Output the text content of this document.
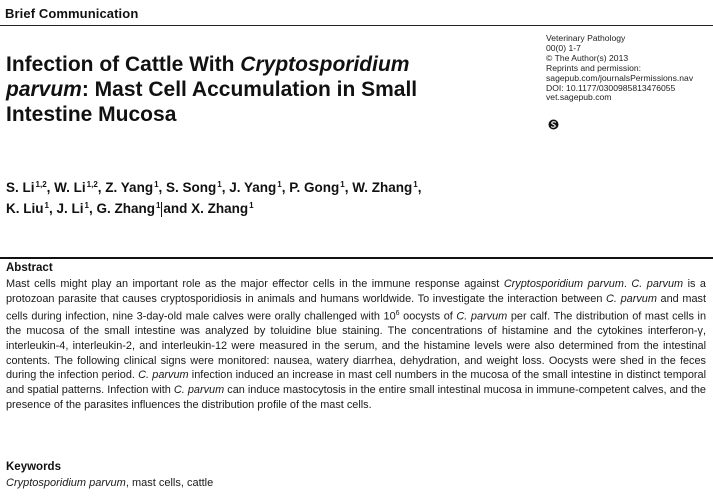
Brief Communication
Infection of Cattle With Cryptosporidium
parvum: Mast Cell Accumulation in Small
Intestine Mucosa
Veterinary Pathology
00(0) 1-7
© The Author(s) 2013
Reprints and permission:
sagepub.com/journalsPermissions.nav
DOI: 10.1177/0300985813476055
vet.sagepub.com
S. Li$^{1,2}$, W. Li$^{1,2}$, Z. Yang$^1$, S. Song$^1$, J. Yang$^1$, P. Gong$^1$, W. Zhang$^1$,
K. Liu$^1$, J. Li$^1$, G. Zhang$^1$ and X. Zhang$^1$
Abstract
Mast cells might play an important role as the major effector cells in the immune response against Cryptosporidium parvum. C. parvum is a protozoan parasite that causes cryptosporidiosis in animals and humans worldwide. To investigate the interaction between C. parvum and mast cells during infection, nine 3-day-old male calves were orally challenged with $10^6$ oocysts of C. parvum per calf. The distribution of mast cells in the mucosa of the small intestine was analyzed by toluidine blue staining. The concentrations of histamine and the cytokines interferon-γ, interleukin-4, interleukin-2, and interleukin-12 were measured in the serum, and the histamine levels were also determined from the intestinal contents. The following clinical signs were monitored: nausea, watery diarrhea, dehydration, and weight loss. Oocysts were shed in the feces during the infection period. C. parvum infection induced an increase in mast cell numbers in the mucosa of the small intestine in distinct temporal and spatial patterns. Infection with C. parvum can induce mastocytosis in the entire small intestinal mucosa in immune-competent calves, and the presence of the parasites influences the distribution profile of the mast cells.
Keywords
Cryptosporidium parvum, mast cells, cattle
